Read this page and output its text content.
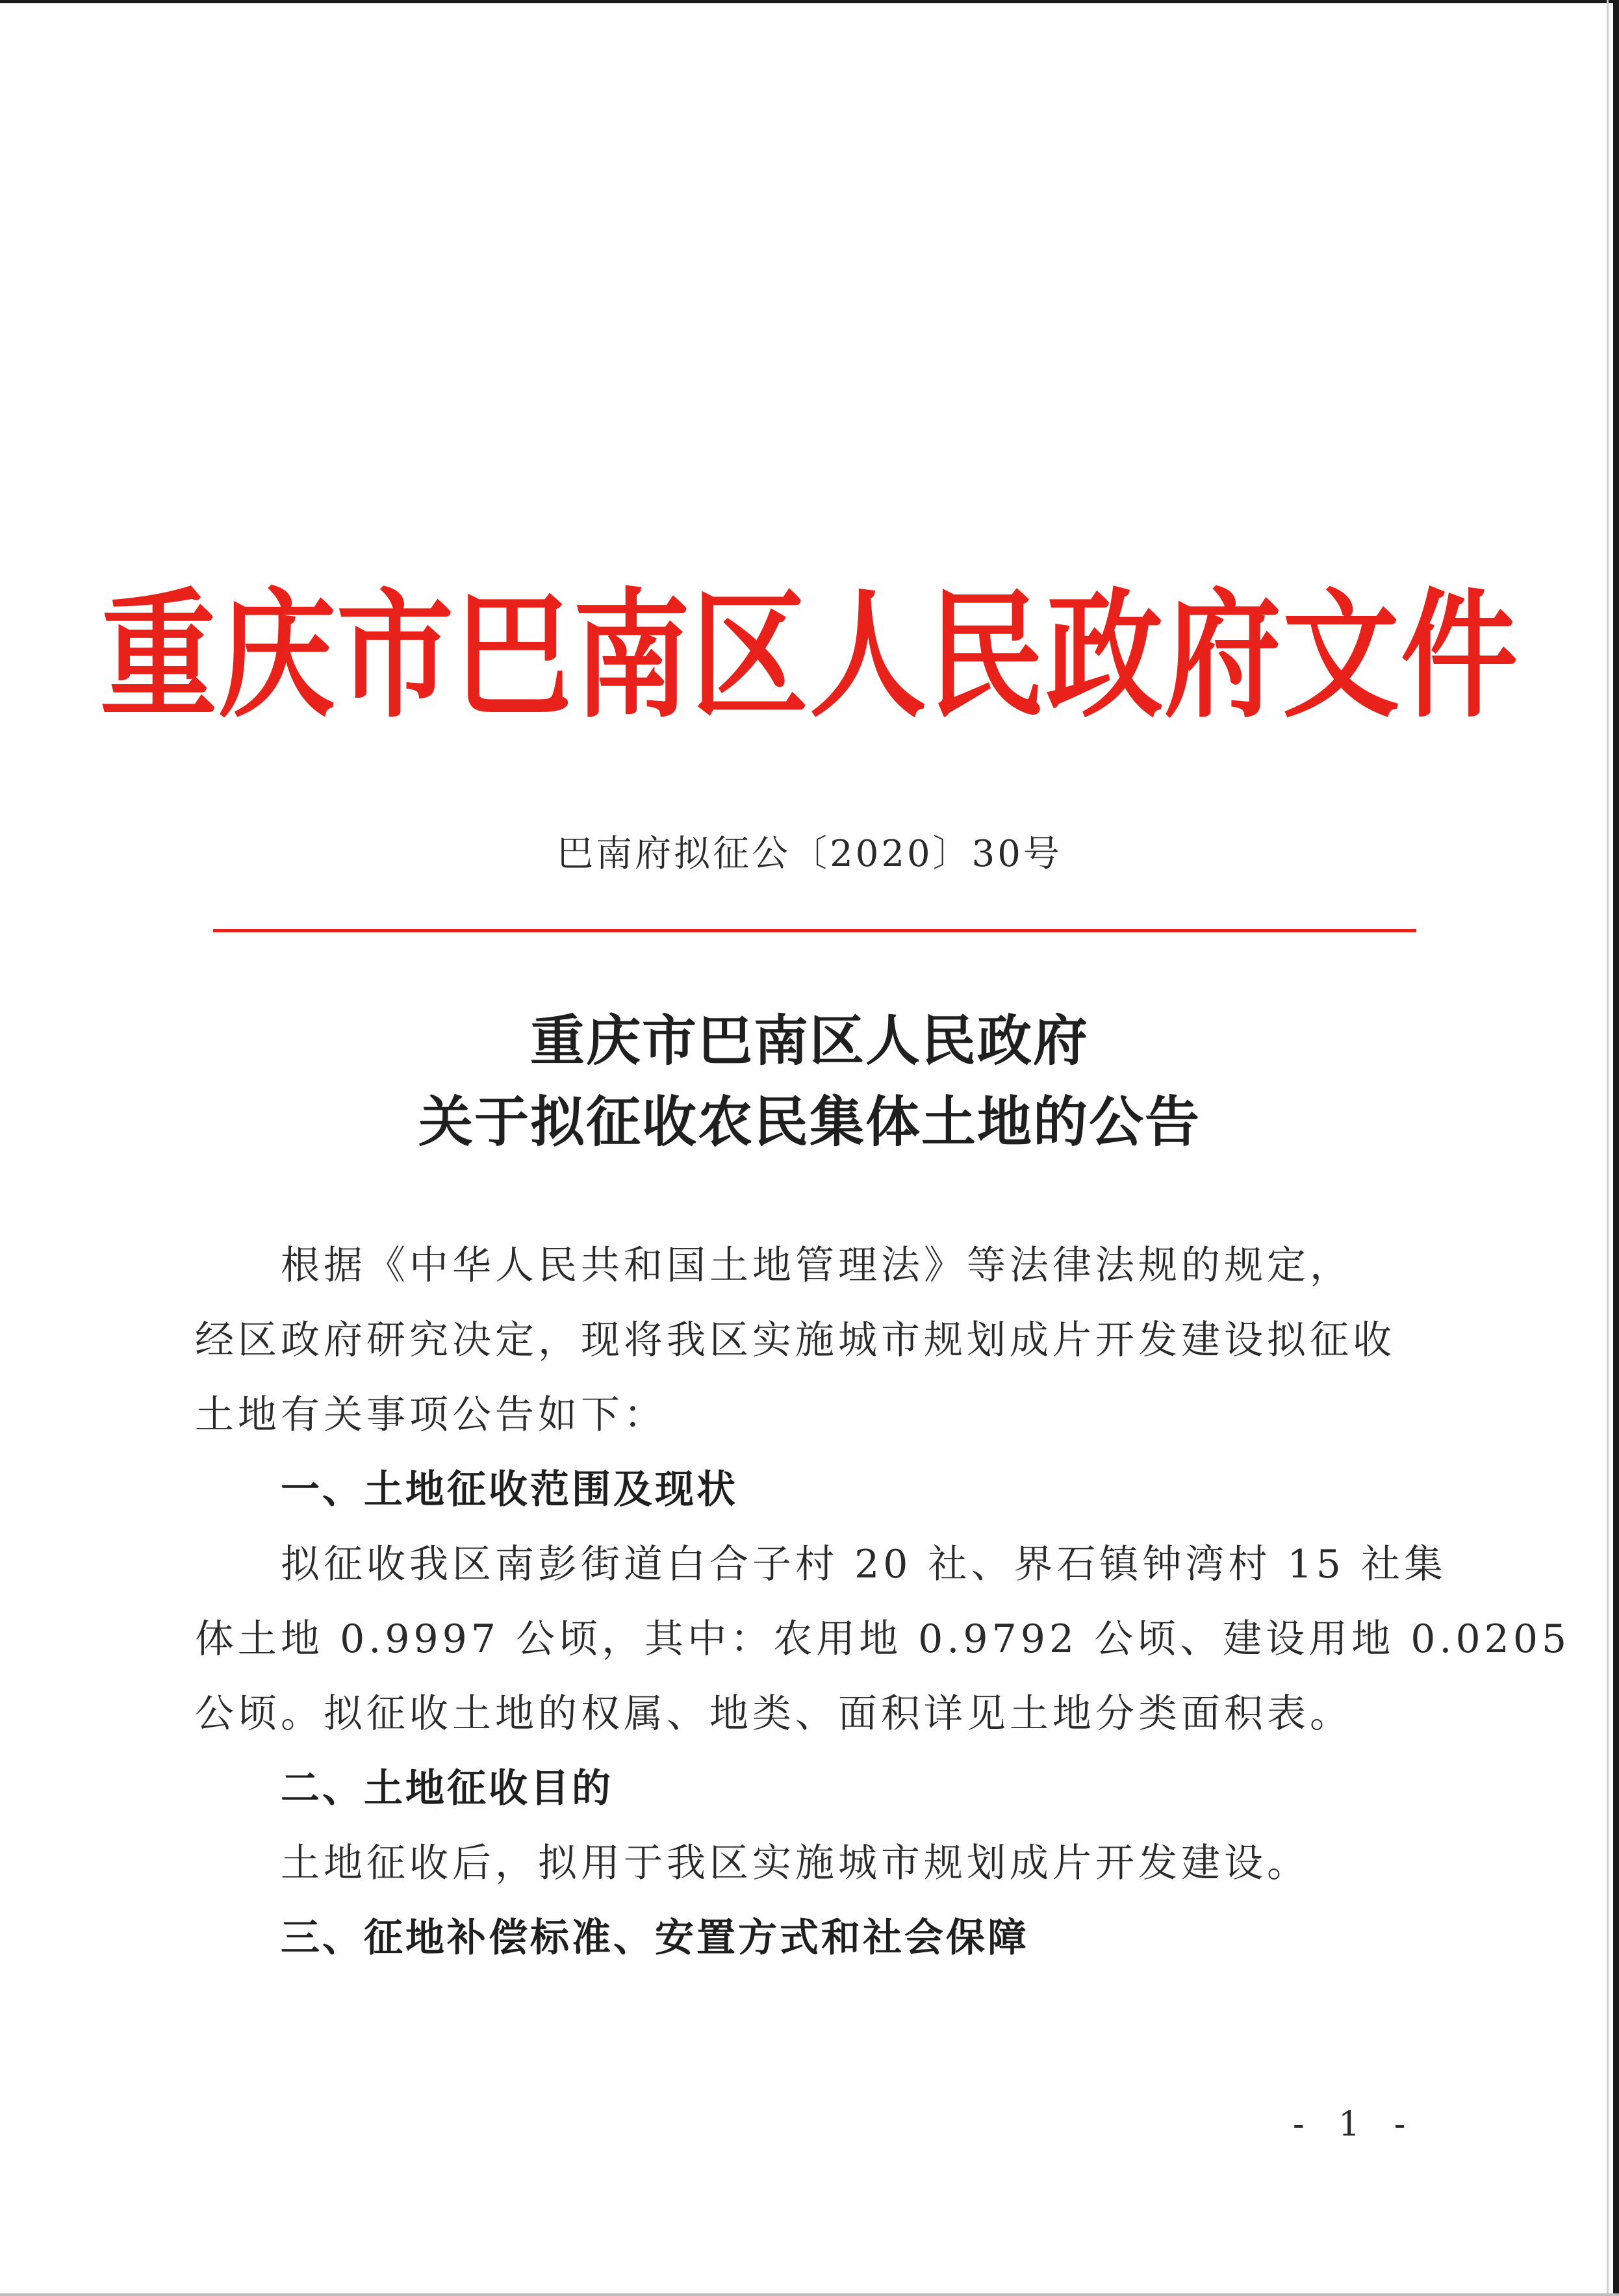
重庆市巴南区人民政府文件
巴南府拟征公〔2020〕30号
重庆市巴南区人民政府
关于拟征收农民集体土地的公告
根据《中华人民共和国土地管理法》等法律法规的规定，
经区政府研究决定，现将我区实施城市规划成片开发建设拟征收
土地有关事项公告如下：
一、土地征收范围及现状
拟征收我区南彭街道白合子村 20 社、界石镇钟湾村 15 社集
体土地 0.9997 公顷，其中：农用地 0.9792 公顷、建设用地 0.0205
公顷。拟征收土地的权属、地类、面积详见土地分类面积表。
二、土地征收目的
土地征收后，拟用于我区实施城市规划成片开发建设。
三、征地补偿标准、安置方式和社会保障
- 1 -
